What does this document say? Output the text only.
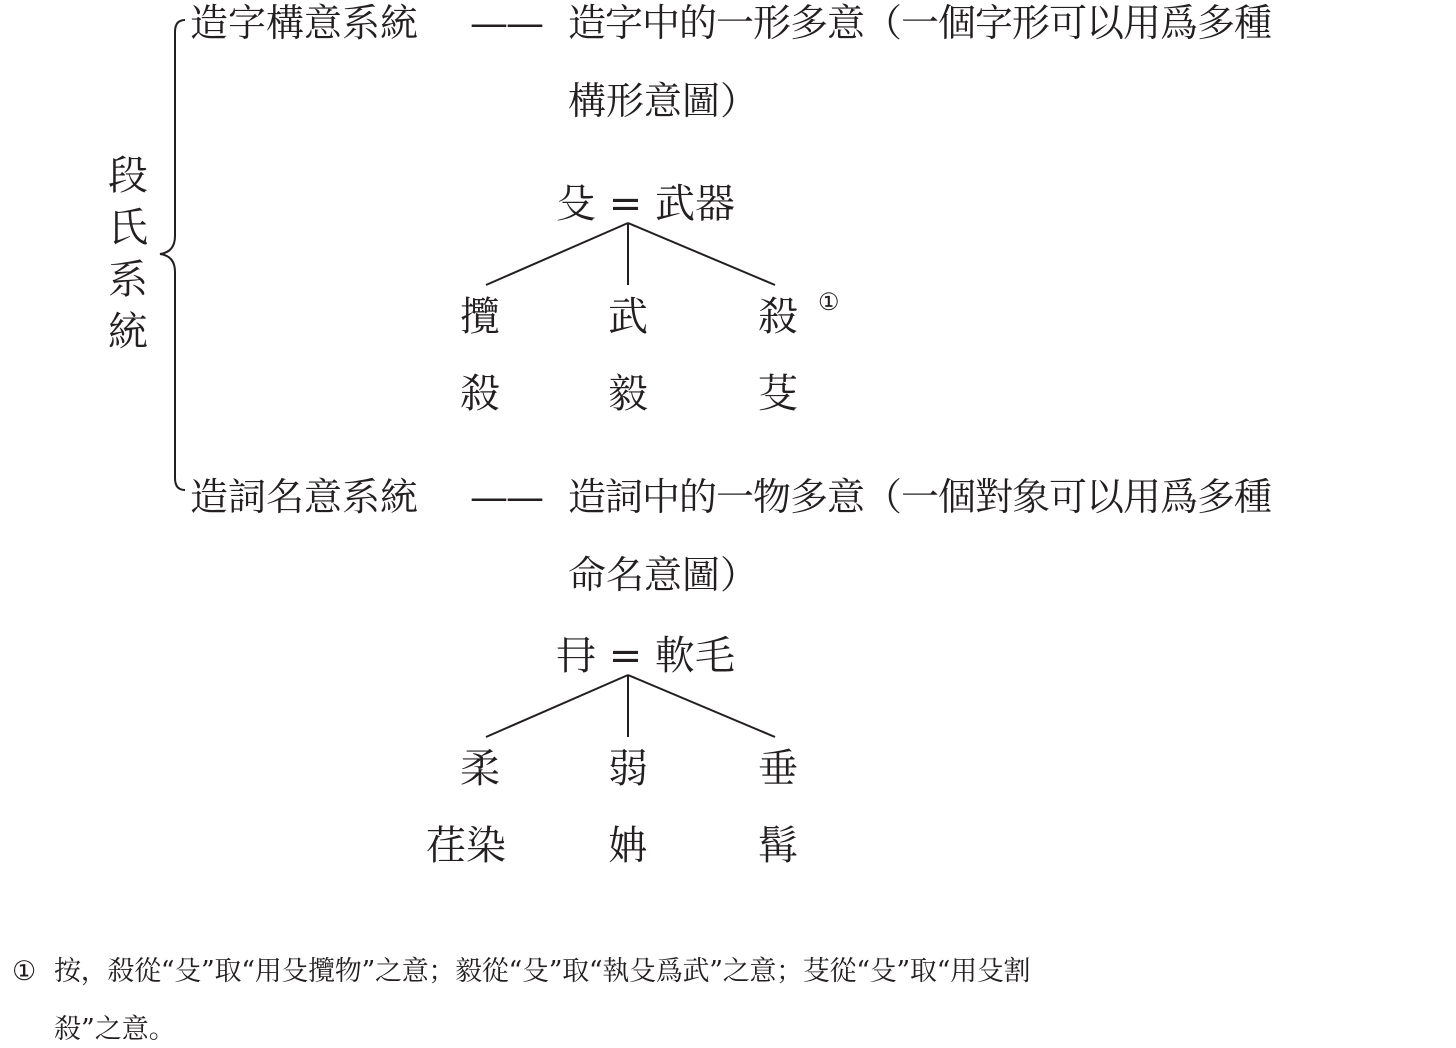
段
氏
系
統
造字構意系統 —— 造字中的一形多意（一個字形可以用爲多種
構形意圖）
殳 = 武器
攬	武	殺 ①
殺	毅	芟
造詞名意系統 —— 造詞中的一物多意（一個對象可以用爲多種
命名意圖）
冄 = 軟毛
柔	弱	垂
荏染	姌	髯
① 按，殺從“殳”取“用殳攬物”之意；毅從“殳”取“執殳爲武”之意；芟從“殳”取“用殳割
殺”之意。
